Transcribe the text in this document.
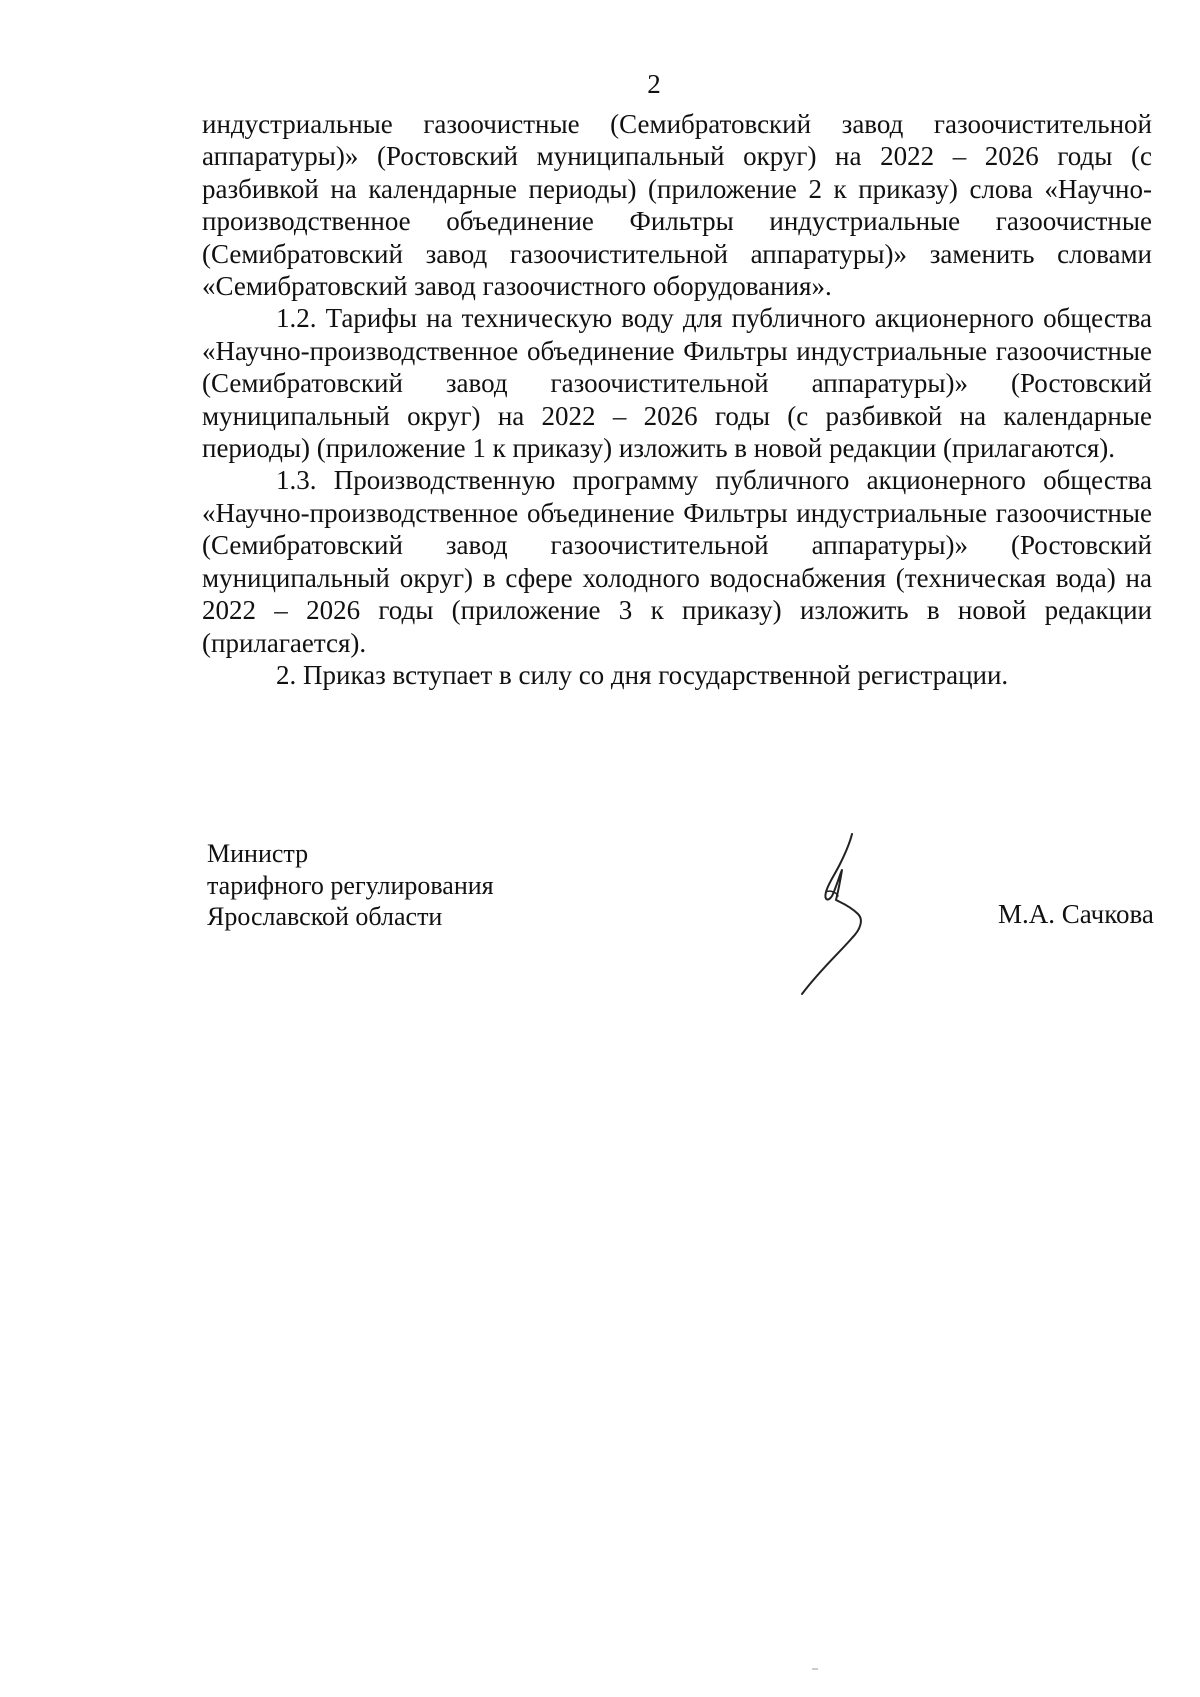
2

индустриальные газоочистные (Семибратовский завод газоочистительной аппаратуры)» (Ростовский муниципальный округ) на 2022 – 2026 годы (с разбивкой на календарные периоды) (приложение 2 к приказу) слова «Научно-производственное объединение Фильтры индустриальные газоочистные (Семибратовский завод газоочистительной аппаратуры)» заменить словами «Семибратовский завод газоочистного оборудования».

1.2. Тарифы на техническую воду для публичного акционерного общества «Научно-производственное объединение Фильтры индустриальные газоочистные (Семибратовский завод газоочистительной аппаратуры)» (Ростовский муниципальный округ) на 2022 – 2026 годы (с разбивкой на календарные периоды) (приложение 1 к приказу) изложить в новой редакции (прилагаются).

1.3. Производственную программу публичного акционерного общества «Научно-производственное объединение Фильтры индустриальные газоочистные (Семибратовский завод газоочистительной аппаратуры)» (Ростовский муниципальный округ) в сфере холодного водоснабжения (техническая вода) на 2022 – 2026 годы (приложение 3 к приказу) изложить в новой редакции (прилагается).

2. Приказ вступает в силу со дня государственной регистрации.

Министр
тарифного регулирования
Ярославской области	М.А. Сачкова
